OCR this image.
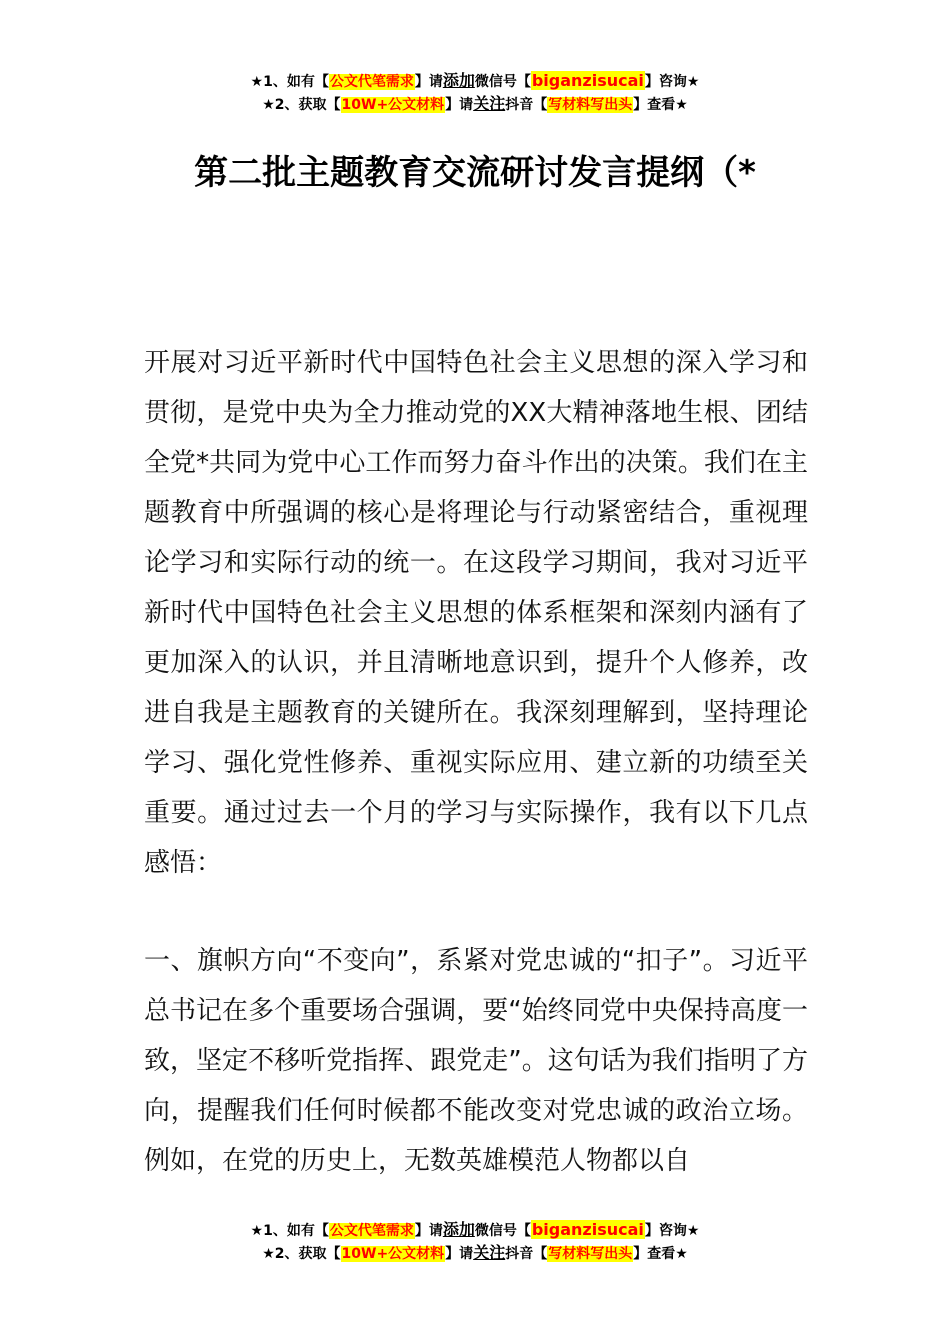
★1、如有【公文代笔需求】请添加微信号【biganzisucai】咨询★
★2、获取【10W+公文材料】请关注抖音【写材料写出头】查看★
第二批主题教育交流研讨发言提纲（*
开展对习近平新时代中国特色社会主义思想的深入学习和贯彻，是党中央为全力推动党的XX大精神落地生根、团结全党*共同为党中心工作而努力奋斗作出的决策。我们在主题教育中所强调的核心是将理论与行动紧密结合，重视理论学习和实际行动的统一。在这段学习期间，我对习近平新时代中国特色社会主义思想的体系框架和深刻内涵有了更加深入的认识，并且清晰地意识到，提升个人修养，改进自我是主题教育的关键所在。我深刻理解到，坚持理论学习、强化党性修养、重视实际应用、建立新的功绩至关重要。通过过去一个月的学习与实际操作，我有以下几点感悟：
一、旗帜方向“不变向”，系紧对党忠诚的“扣子”。习近平总书记在多个重要场合强调，要“始终同党中央保持高度一致，坚定不移听党指挥、跟党走”。这句话为我们指明了方向，提醒我们任何时候都不能改变对党忠诚的政治立场。例如，在党的历史上，无数英雄模范人物都以自
★1、如有【公文代笔需求】请添加微信号【biganzisucai】咨询★
★2、获取【10W+公文材料】请关注抖音【写材料写出头】查看★
